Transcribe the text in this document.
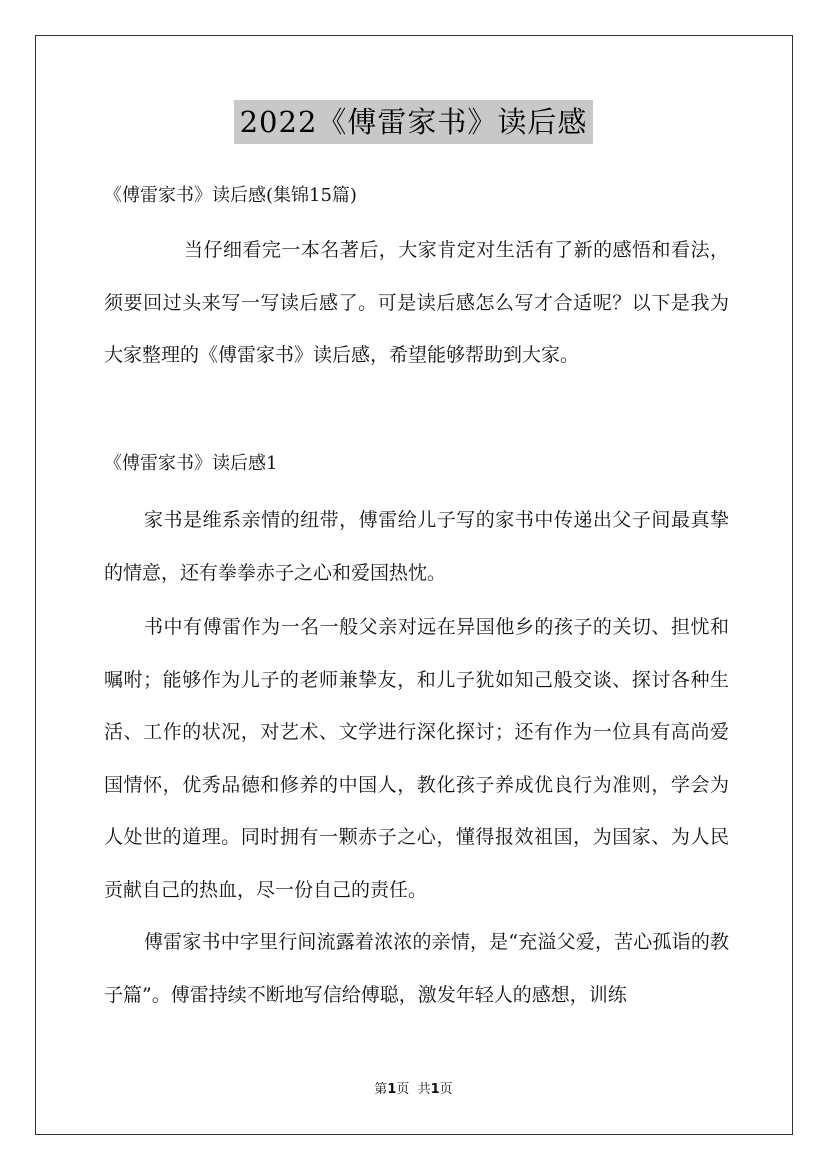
2022《傅雷家书》读后感
《傅雷家书》读后感(集锦15篇)

当仔细看完一本名著后，大家肯定对生活有了新的感悟和看法，须要回过头来写一写读后感了。可是读后感怎么写才合适呢？以下是我为大家整理的《傅雷家书》读后感，希望能够帮助到大家。

《傅雷家书》读后感1

家书是维系亲情的纽带，傅雷给儿子写的家书中传递出父子间最真挚的情意，还有拳拳赤子之心和爱国热忱。

书中有傅雷作为一名一般父亲对远在异国他乡的孩子的关切、担忧和嘱咐；能够作为儿子的老师兼挚友，和儿子犹如知己般交谈、探讨各种生活、工作的状况，对艺术、文学进行深化探讨；还有作为一位具有高尚爱国情怀，优秀品德和修养的中国人，教化孩子养成优良行为准则，学会为人处世的道理。同时拥有一颗赤子之心，懂得报效祖国，为国家、为人民贡献自己的热血，尽一份自己的责任。

傅雷家书中字里行间流露着浓浓的亲情，是“充溢父爱，苦心孤诣的教子篇”。傅雷持续不断地写信给傅聪，激发年轻人的感想，训练

第1页  共1页
